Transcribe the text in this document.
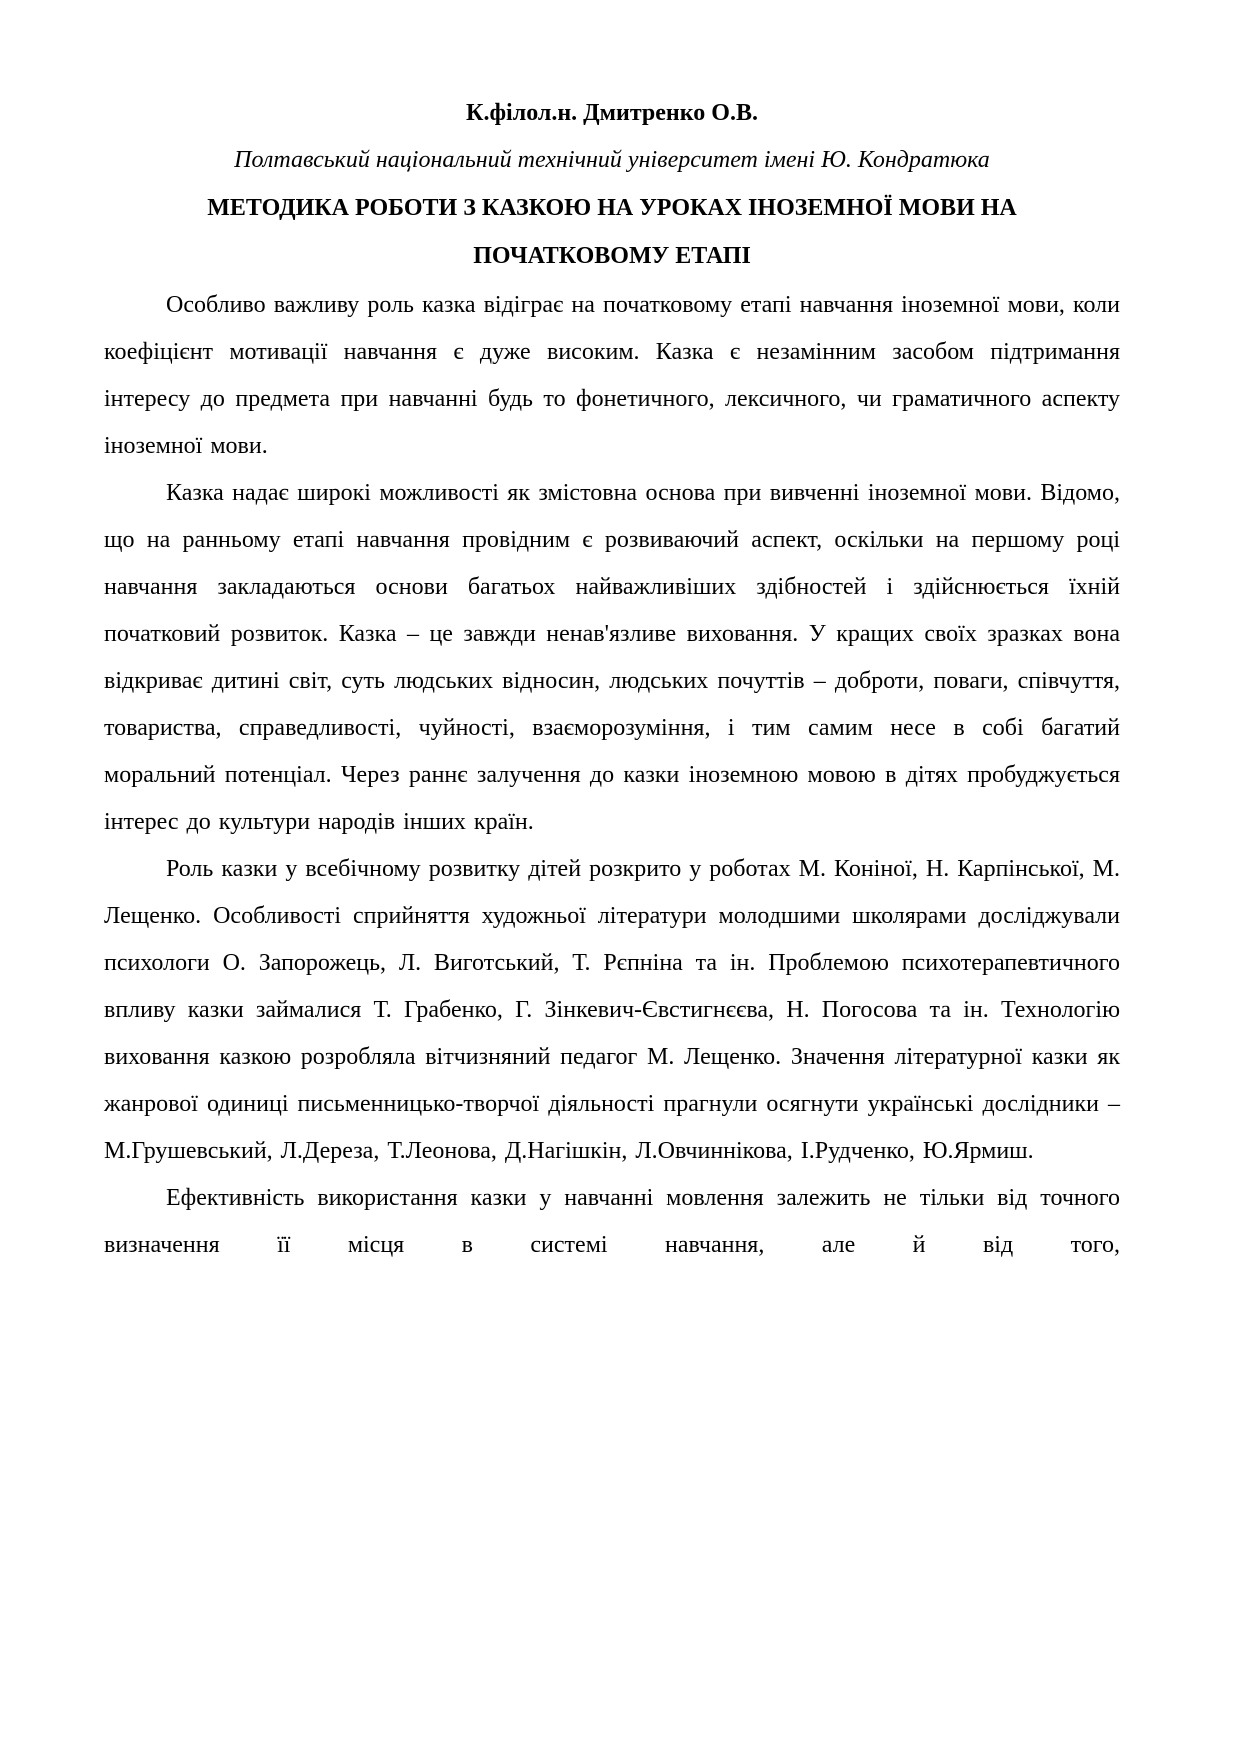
К.філол.н. Дмитренко О.В.
Полтавський національний технічний університет імені Ю. Кондратюка
МЕТОДИКА РОБОТИ З КАЗКОЮ НА УРОКАХ ІНОЗЕМНОЇ МОВИ НА
ПОЧАТКОВОМУ ЕТАПІ

Особливо важливу роль казка відіграє на початковому етапі навчання іноземної мови, коли коефіцієнт мотивації навчання є дуже високим. Казка є незамінним засобом підтримання інтересу до предмета при навчанні будь то фонетичного, лексичного, чи граматичного аспекту іноземної мови.

Казка надає широкі можливості як змістовна основа при вивченні іноземної мови. Відомо, що на ранньому етапі навчання провідним є розвиваючий аспект, оскільки на першому році навчання закладаються основи багатьох найважливіших здібностей і здійснюється їхній початковий розвиток. Казка – це завжди ненав'язливе виховання. У кращих своїх зразках вона відкриває дитині світ, суть людських відносин, людських почуттів – доброти, поваги, співчуття, товариства, справедливості, чуйності, взаєморозуміння, і тим самим несе в собі багатий моральний потенціал. Через раннє залучення до казки іноземною мовою в дітях пробуджується інтерес до культури народів інших країн.

Роль казки у всебічному розвитку дітей розкрито у роботах М. Коніної, Н. Карпінської, М. Лещенко. Особливості сприйняття художньої літератури молодшими школярами досліджували психологи О. Запорожець, Л. Виготський, Т. Рєпніна та ін. Проблемою психотерапевтичного впливу казки займалися Т. Грабенко, Г. Зінкевич-Євстигнєєва, Н. Погосова та ін. Технологію виховання казкою розробляла вітчизняний педагог М. Лещенко. Значення літературної казки як жанрової одиниці письменницько-творчої діяльності прагнули осягнути українські дослідники – М.Грушевський, Л.Дереза, Т.Леонова, Д.Нагішкін, Л.Овчиннікова, І.Рудченко, Ю.Ярмиш.

Ефективність використання казки у навчанні мовлення залежить не тільки від точного визначення її місця в системі навчання, але й від того,
